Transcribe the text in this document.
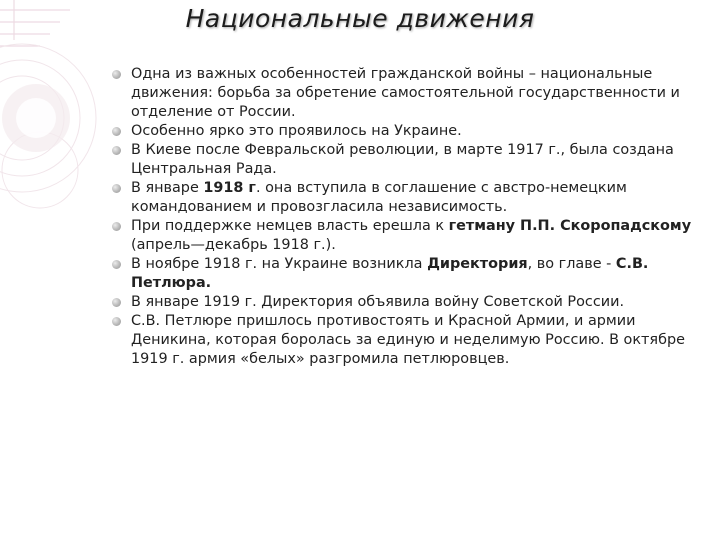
Национальные движения
Одна из важных особенностей гражданской войны – национальные движения: борьба за обретение самостоятельной государственности и отделение от России.
Особенно ярко это проявилось на Украине.
В Киеве после Февральской революции, в марте 1917 г., была создана Центральная Рада.
В январе 1918 г. она вступила в соглашение с австро-немецким командованием и провозгласила независимость.
При поддержке немцев власть ерешла к гетману П.П. Скоропадскому (апрель—декабрь 1918 г.).
В ноябре 1918 г. на Украине возникла Директория, во главе - С.В. Петлюра.
В январе 1919 г. Директория объявила войну Советской России.
С.В. Петлюре пришлось противостоять и Красной Армии, и армии Деникина, которая боролась за единую и неделимую Россию. В октябре 1919 г. армия «белых» разгромила петлюровцев.
